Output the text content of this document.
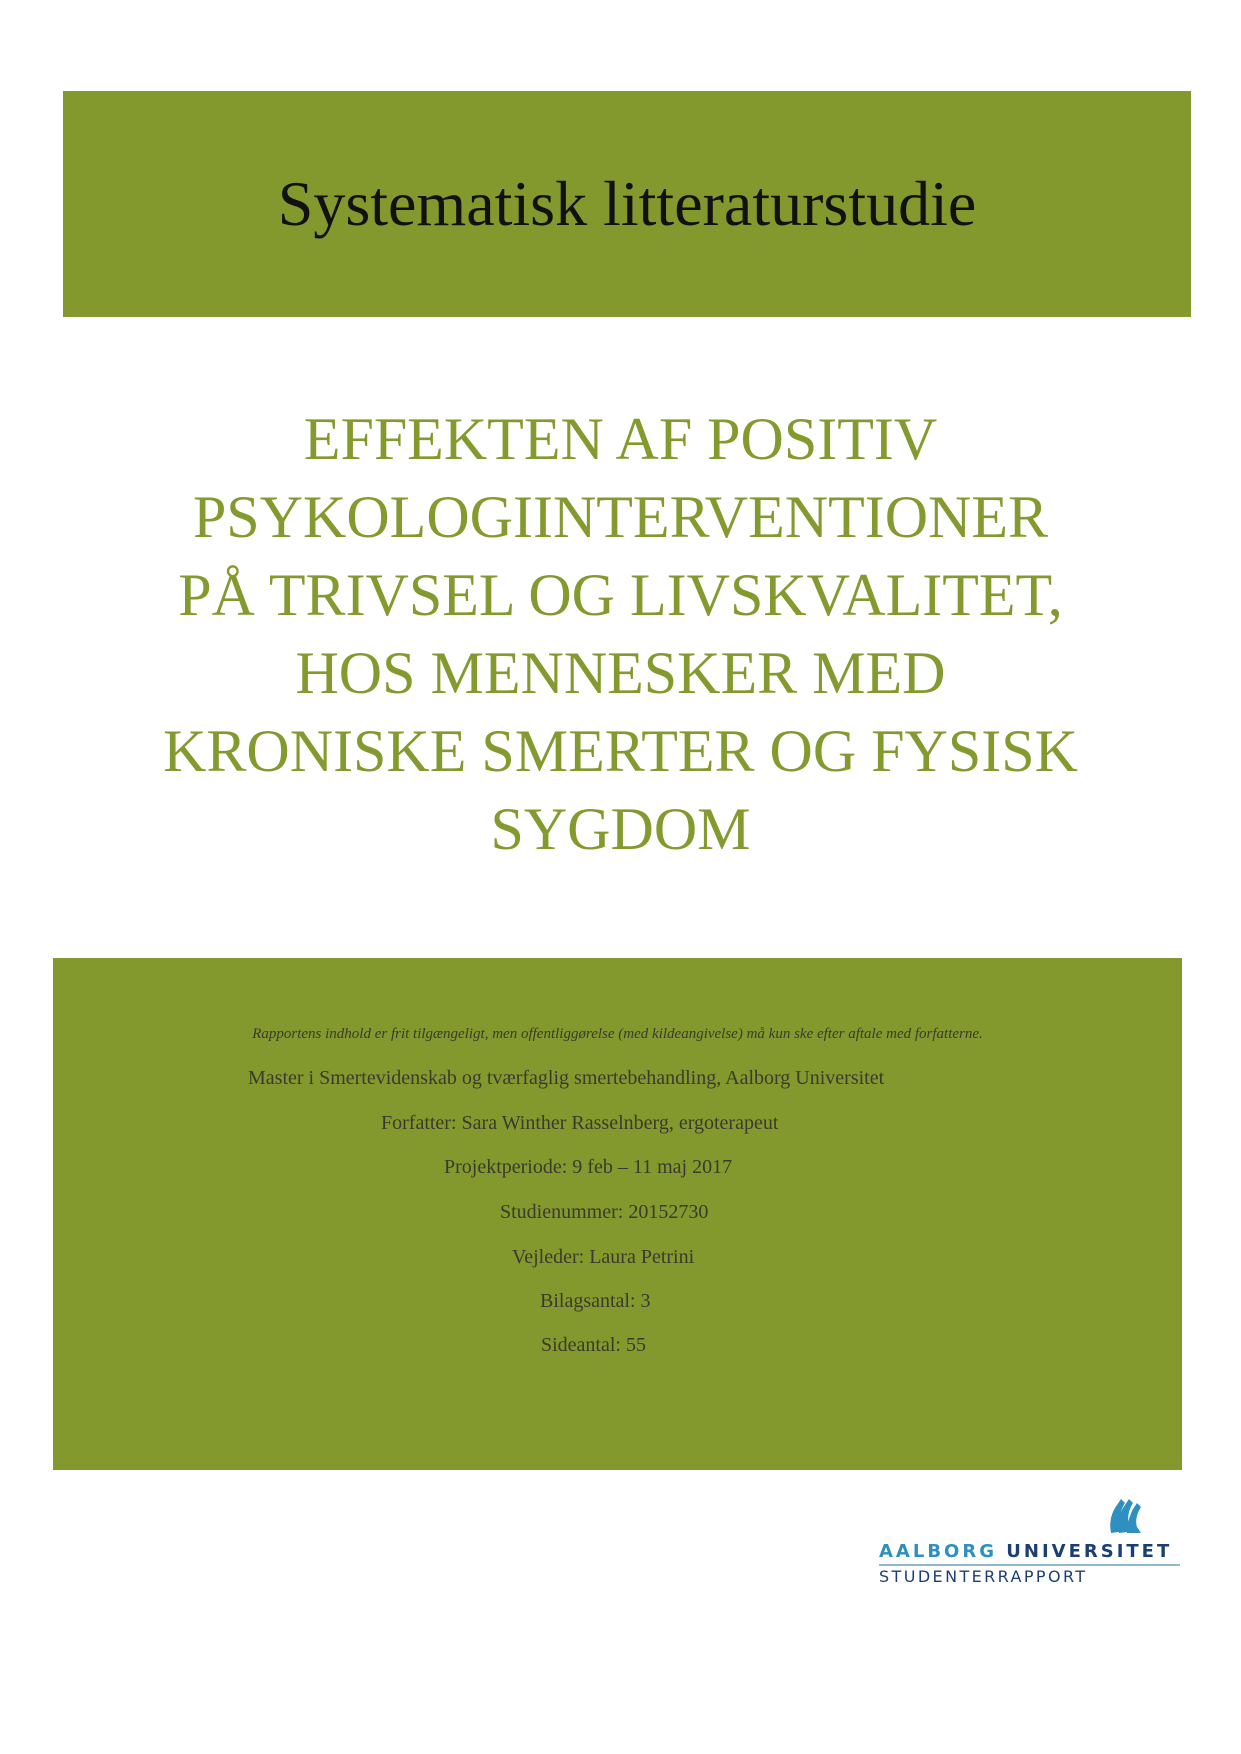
Systematisk litteraturstudie
EFFEKTEN AF POSITIV
PSYKOLOGIINTERVENTIONER
PÅ TRIVSEL OG LIVSKVALITET,
HOS MENNESKER MED
KRONISKE SMERTER OG FYSISK
SYGDOM
Rapportens indhold er frit tilgængeligt, men offentliggørelse (med kildeangivelse) må kun ske efter aftale med forfatterne.
Master i Smertevidenskab og tværfaglig smertebehandling, Aalborg Universitet
Forfatter: Sara Winther Rasselnberg, ergoterapeut
Projektperiode: 9 feb – 11 maj 2017
Studienummer: 20152730
Vejleder: Laura Petrini
Bilagsantal: 3
Sideantal: 55
AALBORG UNIVERSITET
STUDENTERRAPPORT
